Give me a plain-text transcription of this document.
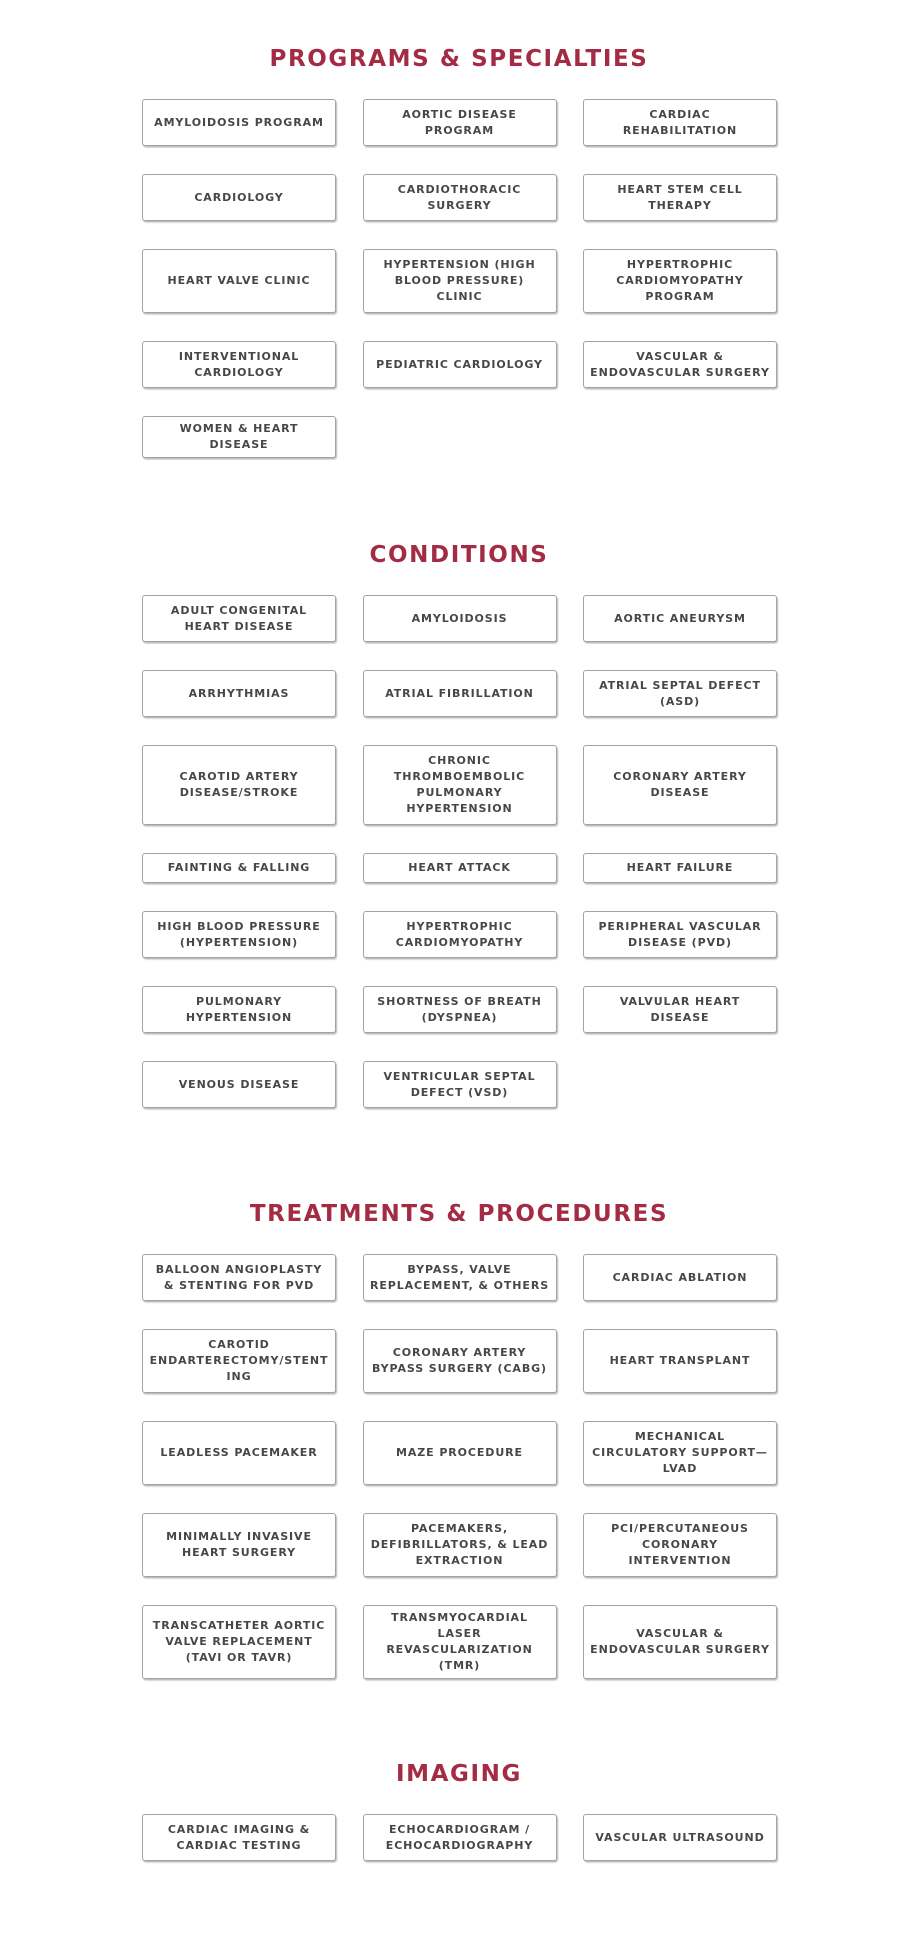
PROGRAMS & SPECIALTIES
AMYLOIDOSIS PROGRAM
AORTIC DISEASE PROGRAM
CARDIAC REHABILITATION
CARDIOLOGY
CARDIOTHORACIC SURGERY
HEART STEM CELL THERAPY
HEART VALVE CLINIC
HYPERTENSION (HIGH BLOOD PRESSURE) CLINIC
HYPERTROPHIC CARDIOMYOPATHY PROGRAM
INTERVENTIONAL CARDIOLOGY
PEDIATRIC CARDIOLOGY
VASCULAR & ENDOVASCULAR SURGERY
WOMEN & HEART DISEASE
CONDITIONS
ADULT CONGENITAL HEART DISEASE
AMYLOIDOSIS	AORTIC ANEURYSM
ARRHYTHMIAS	ATRIAL FIBRILLATION
ATRIAL SEPTAL DEFECT (ASD)
CAROTID ARTERY DISEASE/STROKE
CHRONIC THROMBOEMBOLIC PULMONARY HYPERTENSION
CORONARY ARTERY DISEASE
FAINTING & FALLING	HEART ATTACK	HEART FAILURE
HIGH BLOOD PRESSURE (HYPERTENSION)
HYPERTROPHIC CARDIOMYOPATHY
PERIPHERAL VASCULAR DISEASE (PVD)
PULMONARY HYPERTENSION
SHORTNESS OF BREATH (DYSPNEA)
VALVULAR HEART DISEASE
VENOUS DISEASE
VENTRICULAR SEPTAL DEFECT (VSD)
TREATMENTS & PROCEDURES
BALLOON ANGIOPLASTY & STENTING FOR PVD
BYPASS, VALVE REPLACEMENT, & OTHERS
CARDIAC ABLATION
CAROTID ENDARTERECTOMY/STENTING
CORONARY ARTERY BYPASS SURGERY (CABG)
HEART TRANSPLANT
LEADLESS PACEMAKER	MAZE PROCEDURE
MECHANICAL CIRCULATORY SUPPORT—LVAD
MINIMALLY INVASIVE HEART SURGERY
PACEMAKERS, DEFIBRILLATORS, & LEAD EXTRACTION
PCI/PERCUTANEOUS CORONARY INTERVENTION
TRANSCATHETER AORTIC VALVE REPLACEMENT (TAVI OR TAVR)
TRANSMYOCARDIAL LASER REVASCULARIZATION (TMR)
VASCULAR & ENDOVASCULAR SURGERY
IMAGING
CARDIAC IMAGING & CARDIAC TESTING
ECHOCARDIOGRAM / ECHOCARDIOGRAPHY
VASCULAR ULTRASOUND
